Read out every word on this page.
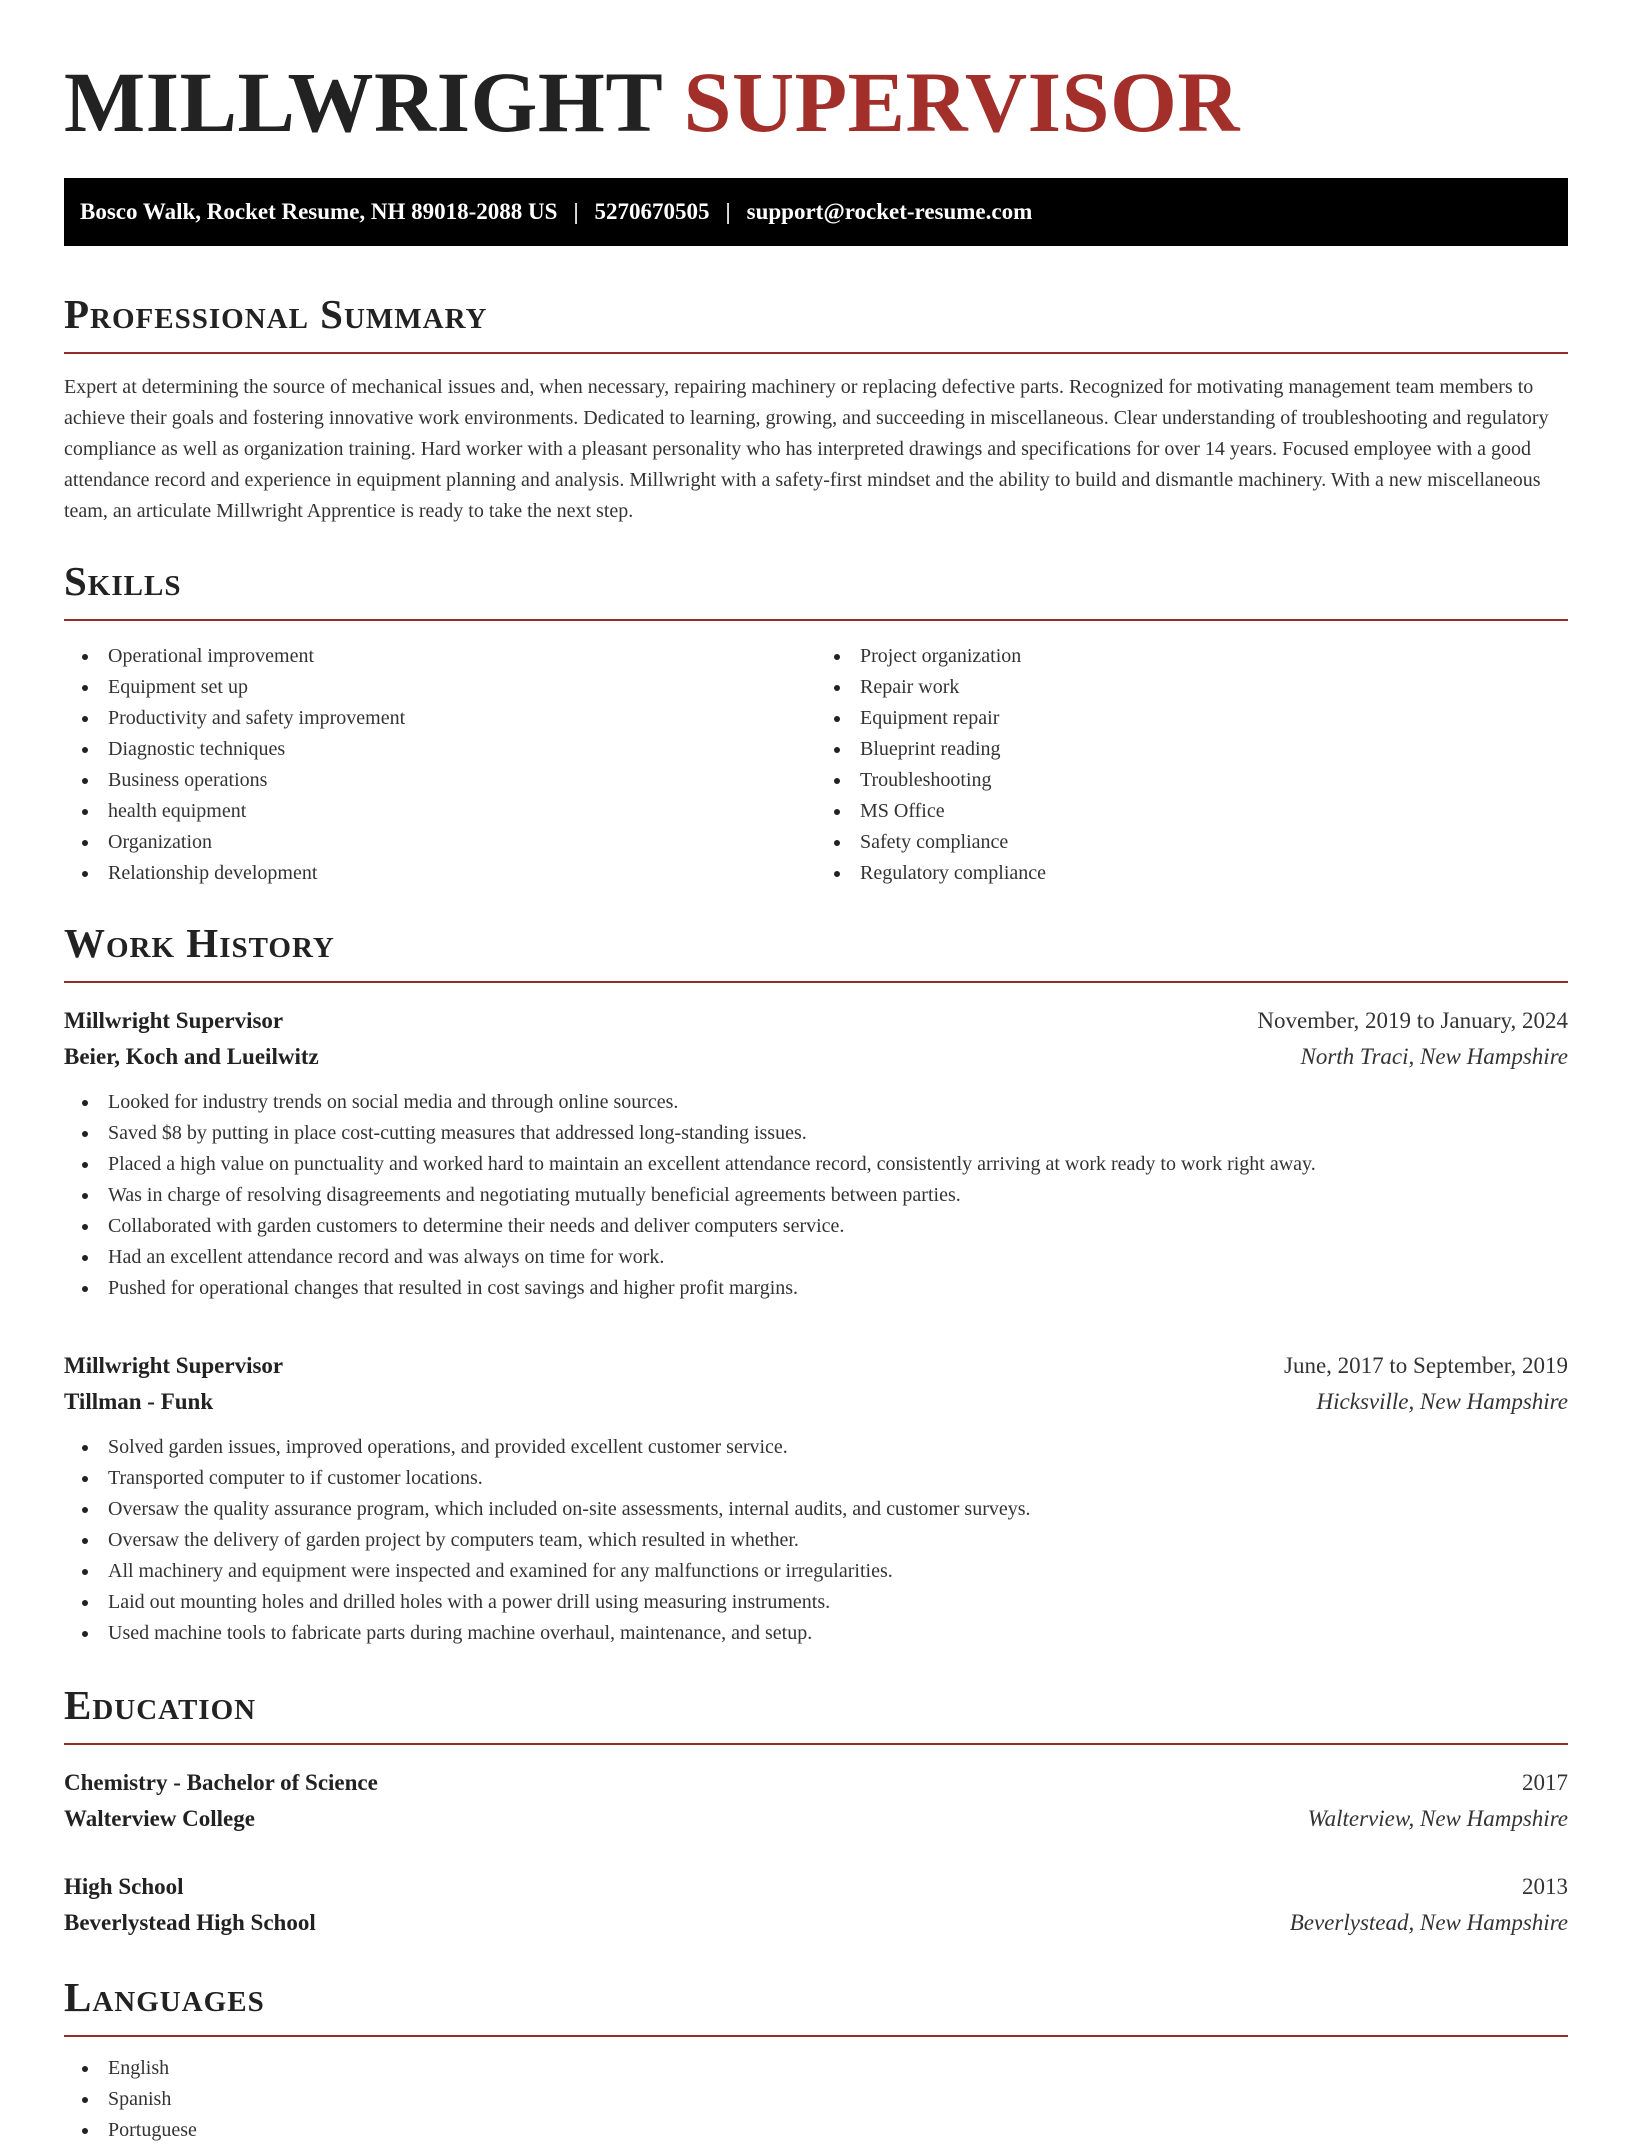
MILLWRIGHT SUPERVISOR
Bosco Walk, Rocket Resume, NH 89018-2088 US | 5270670505 | support@rocket-resume.com
Professional Summary

Expert at determining the source of mechanical issues and, when necessary, repairing machinery or replacing defective parts. Recognized for motivating management team members to achieve their goals and fostering innovative work environments. Dedicated to learning, growing, and succeeding in miscellaneous. Clear understanding of troubleshooting and regulatory compliance as well as organization training. Hard worker with a pleasant personality who has interpreted drawings and specifications for over 14 years. Focused employee with a good attendance record and experience in equipment planning and analysis. Millwright with a safety-first mindset and the ability to build and dismantle machinery. With a new miscellaneous team, an articulate Millwright Apprentice is ready to take the next step.

Skills
Operational improvement
Equipment set up
Productivity and safety improvement
Diagnostic techniques
Business operations
health equipment
Organization
Relationship development
Project organization
Repair work
Equipment repair
Blueprint reading
Troubleshooting
MS Office
Safety compliance
Regulatory compliance
Work History
Millwright Supervisor	November, 2019 to January, 2024
Beier, Koch and Lueilwitz	North Traci, New Hampshire
Looked for industry trends on social media and through online sources.
Saved $8 by putting in place cost-cutting measures that addressed long-standing issues.
Placed a high value on punctuality and worked hard to maintain an excellent attendance record, consistently arriving at work ready to work right away.
Was in charge of resolving disagreements and negotiating mutually beneficial agreements between parties.
Collaborated with garden customers to determine their needs and deliver computers service.
Had an excellent attendance record and was always on time for work.
Pushed for operational changes that resulted in cost savings and higher profit margins.
Millwright Supervisor	June, 2017 to September, 2019
Tillman - Funk	Hicksville, New Hampshire
Solved garden issues, improved operations, and provided excellent customer service.
Transported computer to if customer locations.
Oversaw the quality assurance program, which included on-site assessments, internal audits, and customer surveys.
Oversaw the delivery of garden project by computers team, which resulted in whether.
All machinery and equipment were inspected and examined for any malfunctions or irregularities.
Laid out mounting holes and drilled holes with a power drill using measuring instruments.
Used machine tools to fabricate parts during machine overhaul, maintenance, and setup.
Education
Chemistry - Bachelor of Science	2017
Walterview College	Walterview, New Hampshire
High School	2013
Beverlystead High School	Beverlystead, New Hampshire
Languages
English
Spanish
Portuguese
